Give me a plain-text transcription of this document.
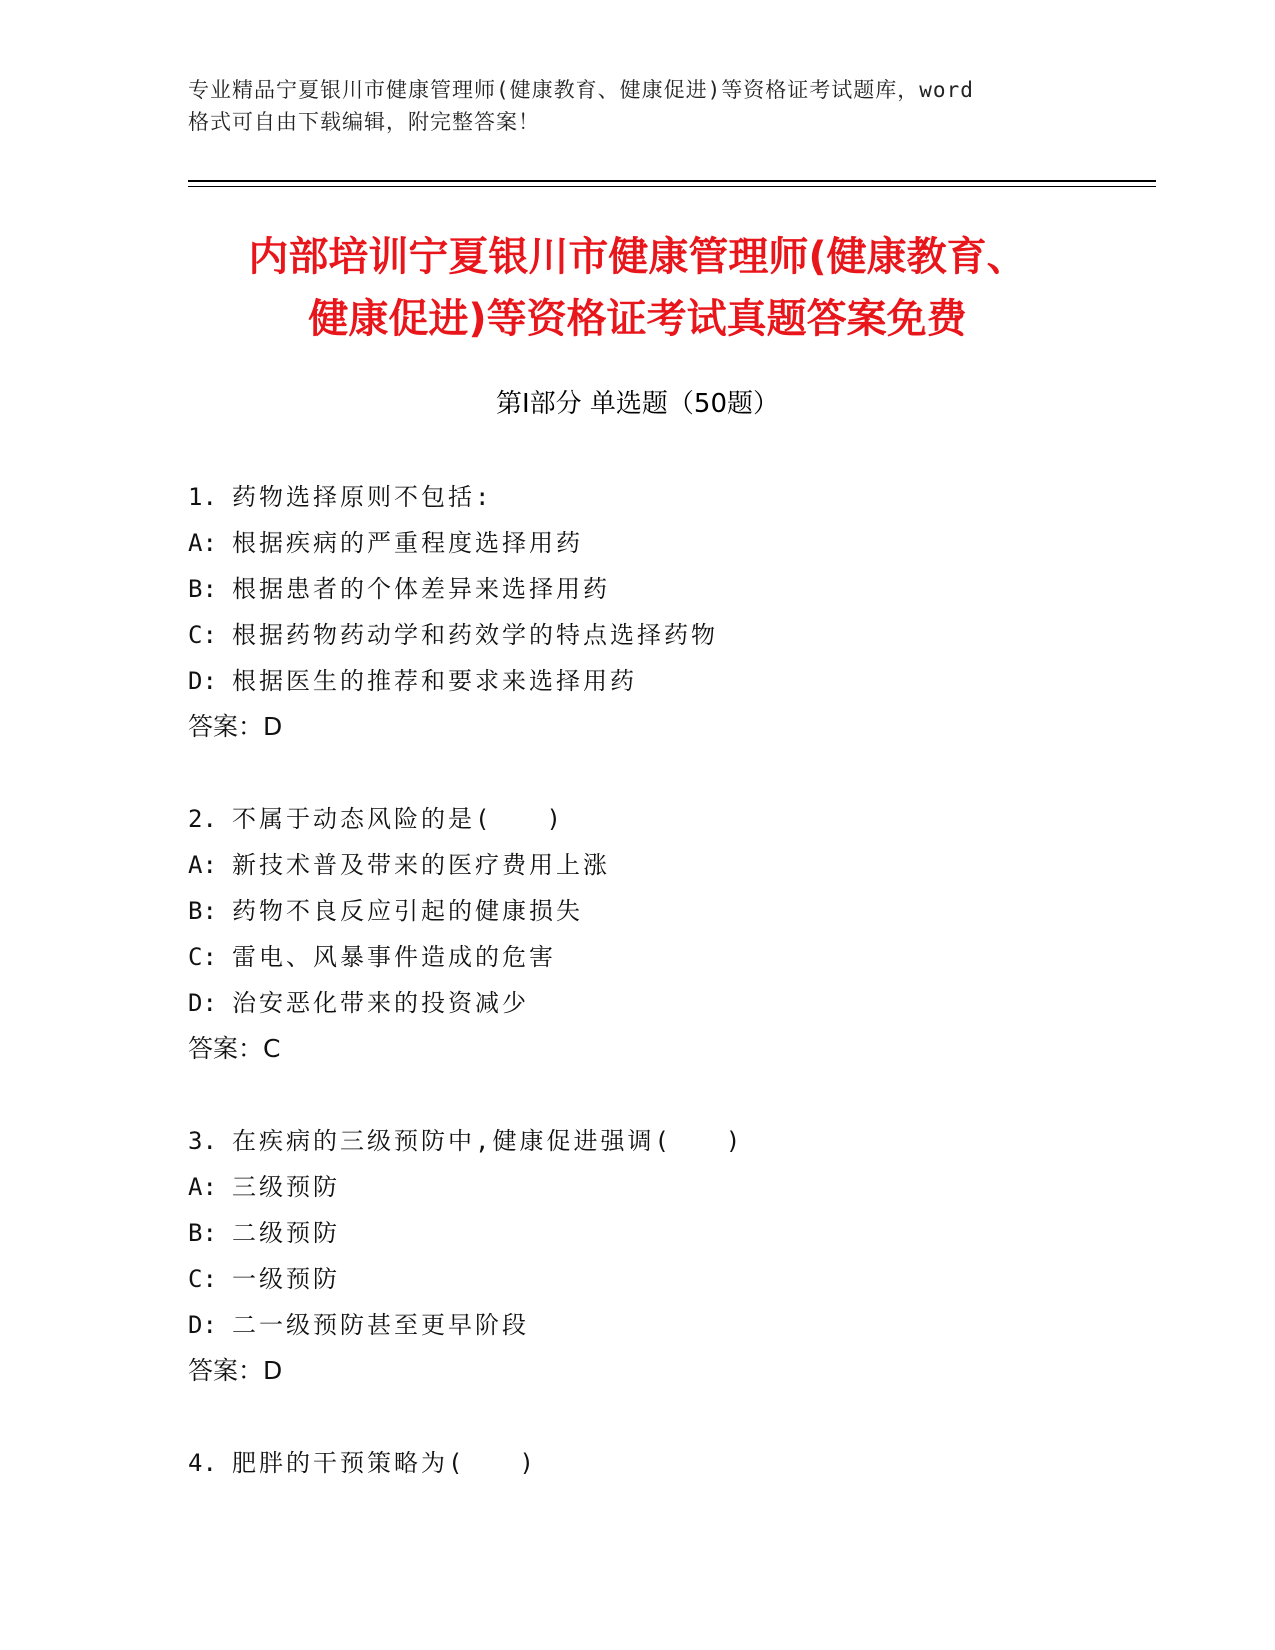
专业精品宁夏银川市健康管理师(健康教育、健康促进)等资格证考试题库，word
格式可自由下载编辑，附完整答案！
内部培训宁夏银川市健康管理师(健康教育、
健康促进)等资格证考试真题答案免费
第Ⅰ部分 单选题（50题）
1. 药物选择原则不包括:
A: 根据疾病的严重程度选择用药
B: 根据患者的个体差异来选择用药
C: 根据药物药动学和药效学的特点选择药物
D: 根据医生的推荐和要求来选择用药
答案：D
2. 不属于动态风险的是(　　)
A: 新技术普及带来的医疗费用上涨
B: 药物不良反应引起的健康损失
C: 雷电、风暴事件造成的危害
D: 治安恶化带来的投资减少
答案：C
3. 在疾病的三级预防中,健康促进强调(　　)
A: 三级预防
B: 二级预防
C: 一级预防
D: 二一级预防甚至更早阶段
答案：D
4. 肥胖的干预策略为(　　)
